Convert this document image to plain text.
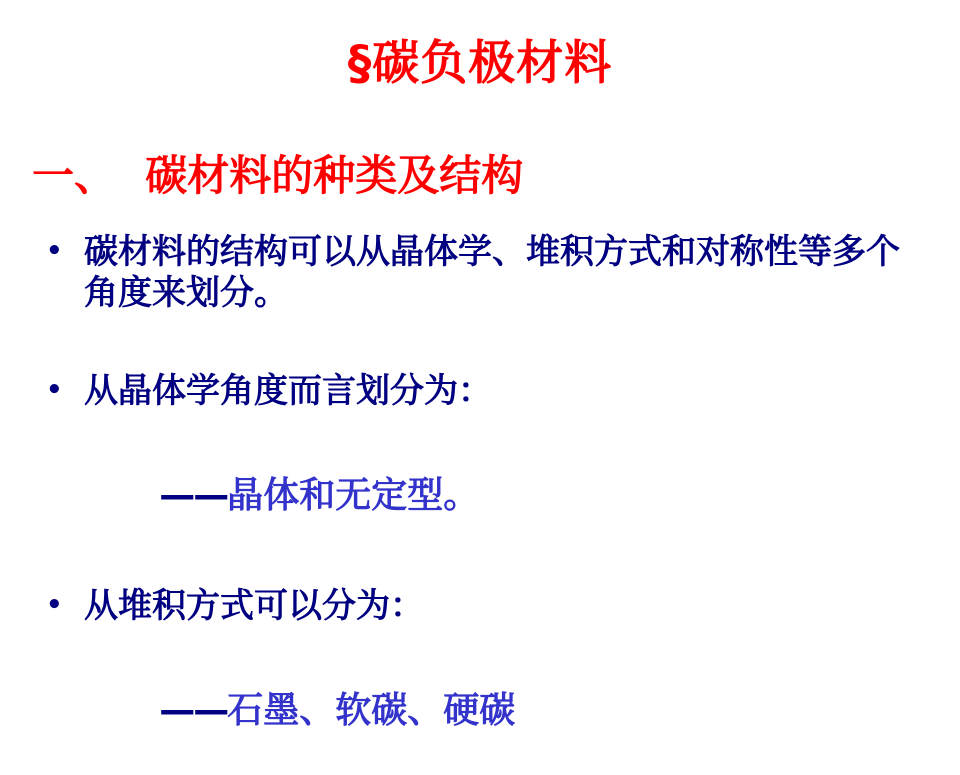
§碳负极材料
一、  碳材料的种类及结构
• 碳材料的结构可以从晶体学、堆积方式和对称性等多个角度来划分。
• 从晶体学角度而言划分为：

——晶体和无定型。

• 从堆积方式可以分为：

——石墨、软碳、硬碳
